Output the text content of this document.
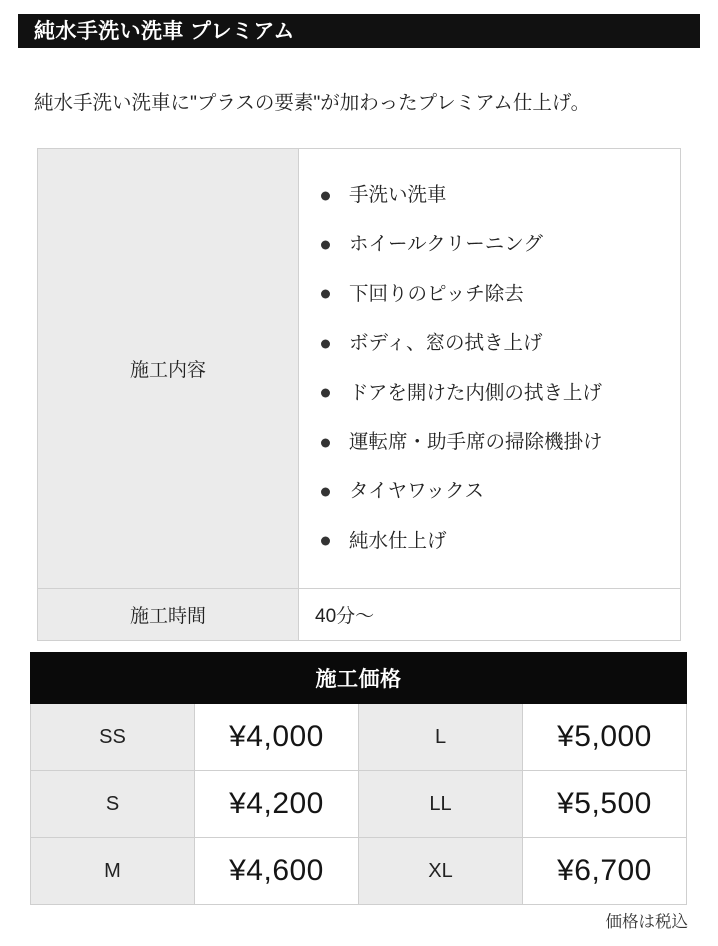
純水手洗い洗車 プレミアム

純水手洗い洗車に"プラスの要素"が加わったプレミアム仕上げ。

施工内容	
手洗い洗車
ホイールクリーニング
下回りのピッチ除去
ボディ、窓の拭き上げ
ドアを開けた内側の拭き上げ
運転席・助手席の掃除機掛け
タイヤワックス
純水仕上げ

施工時間	40分〜
施工価格			
SS	¥4,000	L	¥5,000
S	¥4,200	LL	¥5,500
M	¥4,600	XL	¥6,700
価格は税込
